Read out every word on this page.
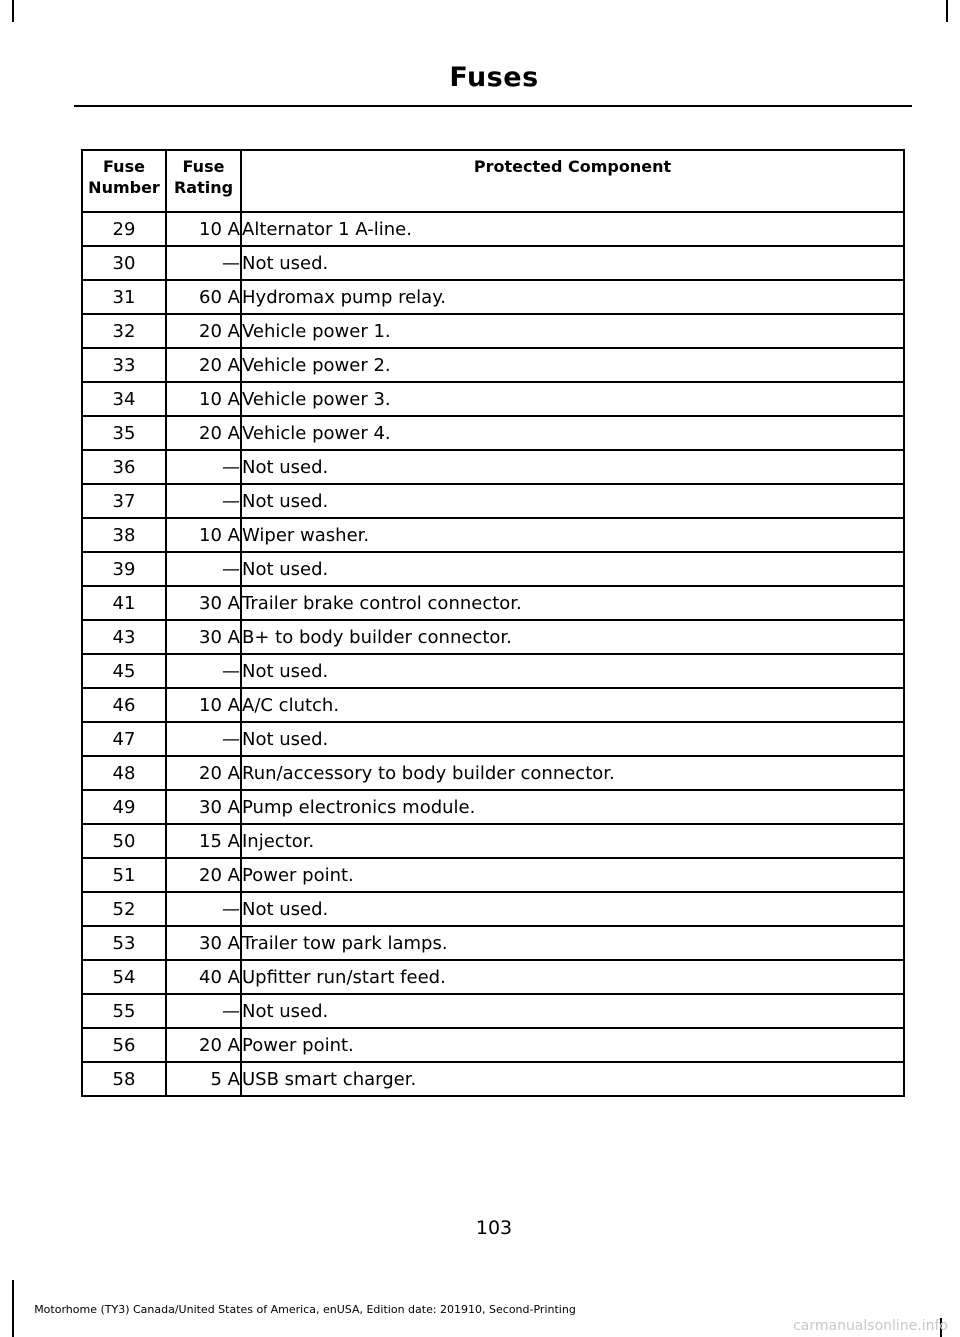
Fuses
Fuse Number	Fuse Rating	Protected Component
29	10 A	Alternator 1 A-line.
30	—	Not used.
31	60 A	Hydromax pump relay.
32	20 A	Vehicle power 1.
33	20 A	Vehicle power 2.
34	10 A	Vehicle power 3.
35	20 A	Vehicle power 4.
36	—	Not used.
37	—	Not used.
38	10 A	Wiper washer.
39	—	Not used.
41	30 A	Trailer brake control connector.
43	30 A	B+ to body builder connector.
45	—	Not used.
46	10 A	A/C clutch.
47	—	Not used.
48	20 A	Run/accessory to body builder connector.
49	30 A	Pump electronics module.
50	15 A	Injector.
51	20 A	Power point.
52	—	Not used.
53	30 A	Trailer tow park lamps.
54	40 A	Upfitter run/start feed.
55	—	Not used.
56	20 A	Power point.
58	5 A	USB smart charger.
103
Motorhome (TY3) Canada/United States of America, enUSA, Edition date: 201910, Second-Printing
carmanualsonline.info
